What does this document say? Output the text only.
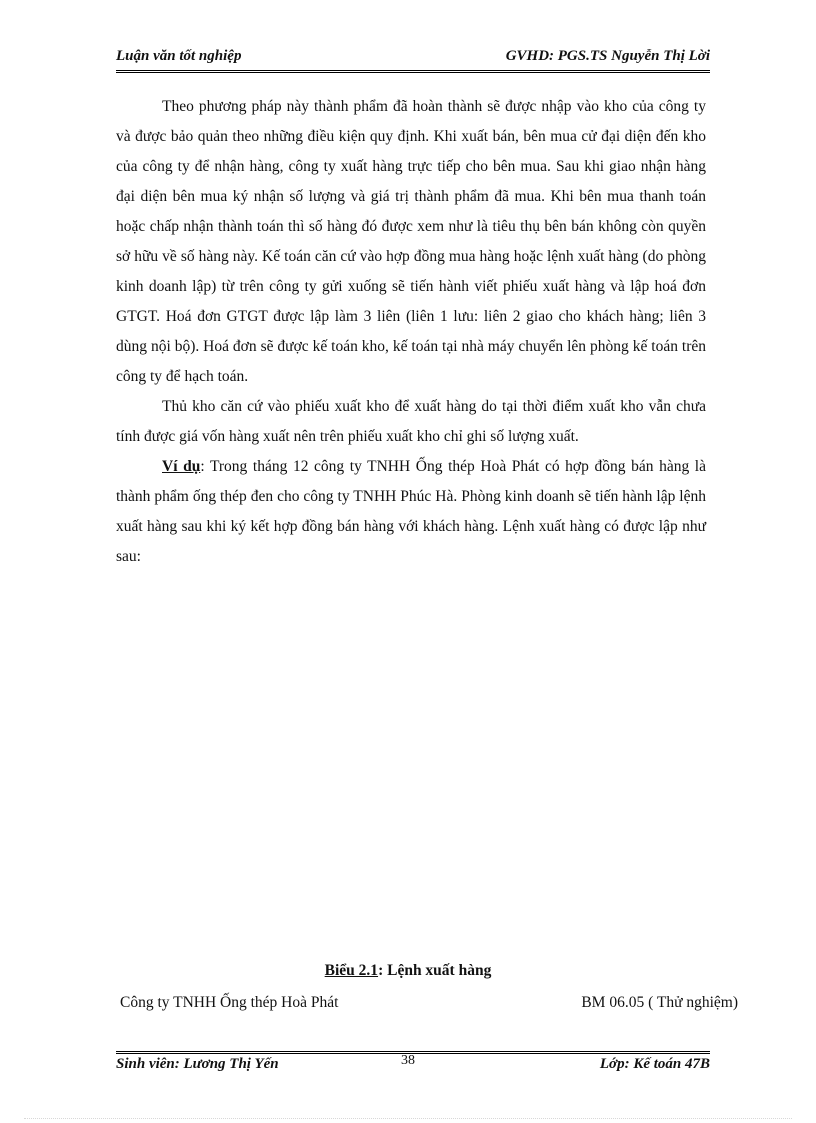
Luận văn tốt nghiệp	GVHD: PGS.TS Nguyễn Thị Lời

Theo phương pháp này thành phẩm đã hoàn thành sẽ được nhập vào kho của công ty và được bảo quản theo những điều kiện quy định. Khi xuất bán, bên mua cử đại diện đến kho của công ty để nhận hàng, công ty xuất hàng trực tiếp cho bên mua. Sau khi giao nhận hàng đại diện bên mua ký nhận số lượng và giá trị thành phẩm đã mua. Khi bên mua thanh toán hoặc chấp nhận thành toán thì số hàng đó được xem như là tiêu thụ bên bán không còn quyền sở hữu về số hàng này. Kế toán căn cứ vào hợp đồng mua hàng hoặc lệnh xuất hàng (do phòng kinh doanh lập) từ trên công ty gửi xuống sẽ tiến hành viết phiếu xuất hàng và lập hoá đơn GTGT. Hoá đơn GTGT được lập làm 3 liên (liên 1 lưu: liên 2 giao cho khách hàng; liên 3 dùng nội bộ). Hoá đơn sẽ được kế toán kho, kế toán tại nhà máy chuyển lên phòng kế toán trên công ty để hạch toán.

Thủ kho căn cứ vào phiếu xuất kho để xuất hàng do tại thời điểm xuất kho vẫn chưa tính được giá vốn hàng xuất nên trên phiếu xuất kho chỉ ghi số lượng xuất.

Ví dụ: Trong tháng 12 công ty TNHH Ống thép Hoà Phát có hợp đồng bán hàng là thành phẩm ống thép đen cho công ty TNHH Phúc Hà. Phòng kinh doanh sẽ tiến hành lập lệnh xuất hàng sau khi ký kết hợp đồng bán hàng với khách hàng. Lệnh xuất hàng có được lập như sau:

Biểu 2.1: Lệnh xuất hàng
Công ty TNHH Ống thép Hoà Phát	BM 06.05 ( Thử nghiệm)
38
Sinh viên: Lương Thị Yến	Lớp: Kế toán 47B
